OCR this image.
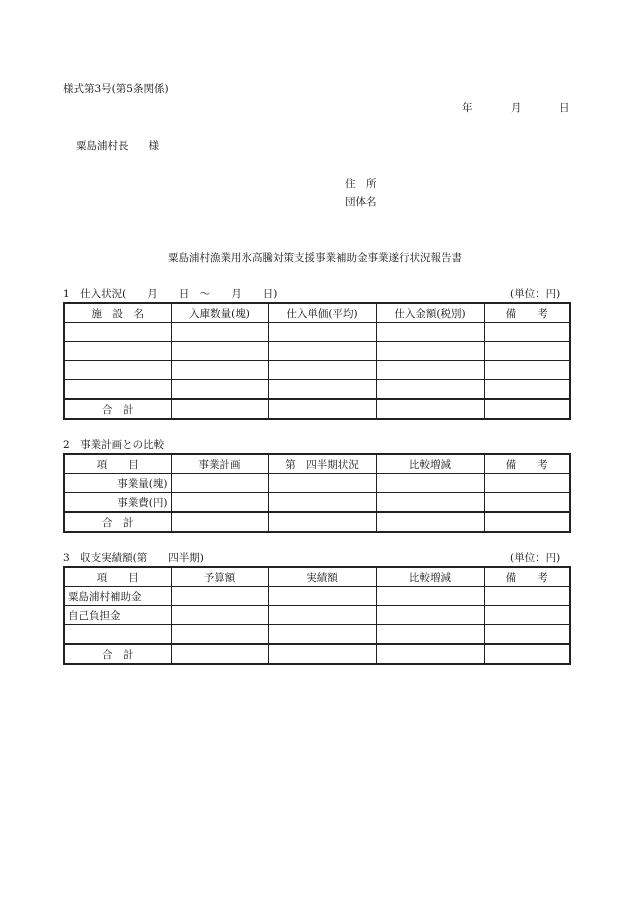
様式第3号(第5条関係)
年	月	日
粟島浦村長 様
住　所
団体名
粟島浦村漁業用氷高騰対策支援事業補助金事業遂行状況報告書
1　仕入状況(　　月　　日　～　　月　　日)	(単位：円)
施　設　名	入庫数量(塊)	仕入単価(平均)	仕入金額(税別)	備　　考

合　計				
2　事業計画との比較
項　　目	事業計画	第　四半期状況	比較増減	備　　考
事業量(塊)				
事業費(円)				
合　計				
3　収支実績額(第　　四半期)	(単位：円)
項　　目	予算額	実績額	比較増減	備　　考
粟島浦村補助金				
自己負担金				

合　計				
